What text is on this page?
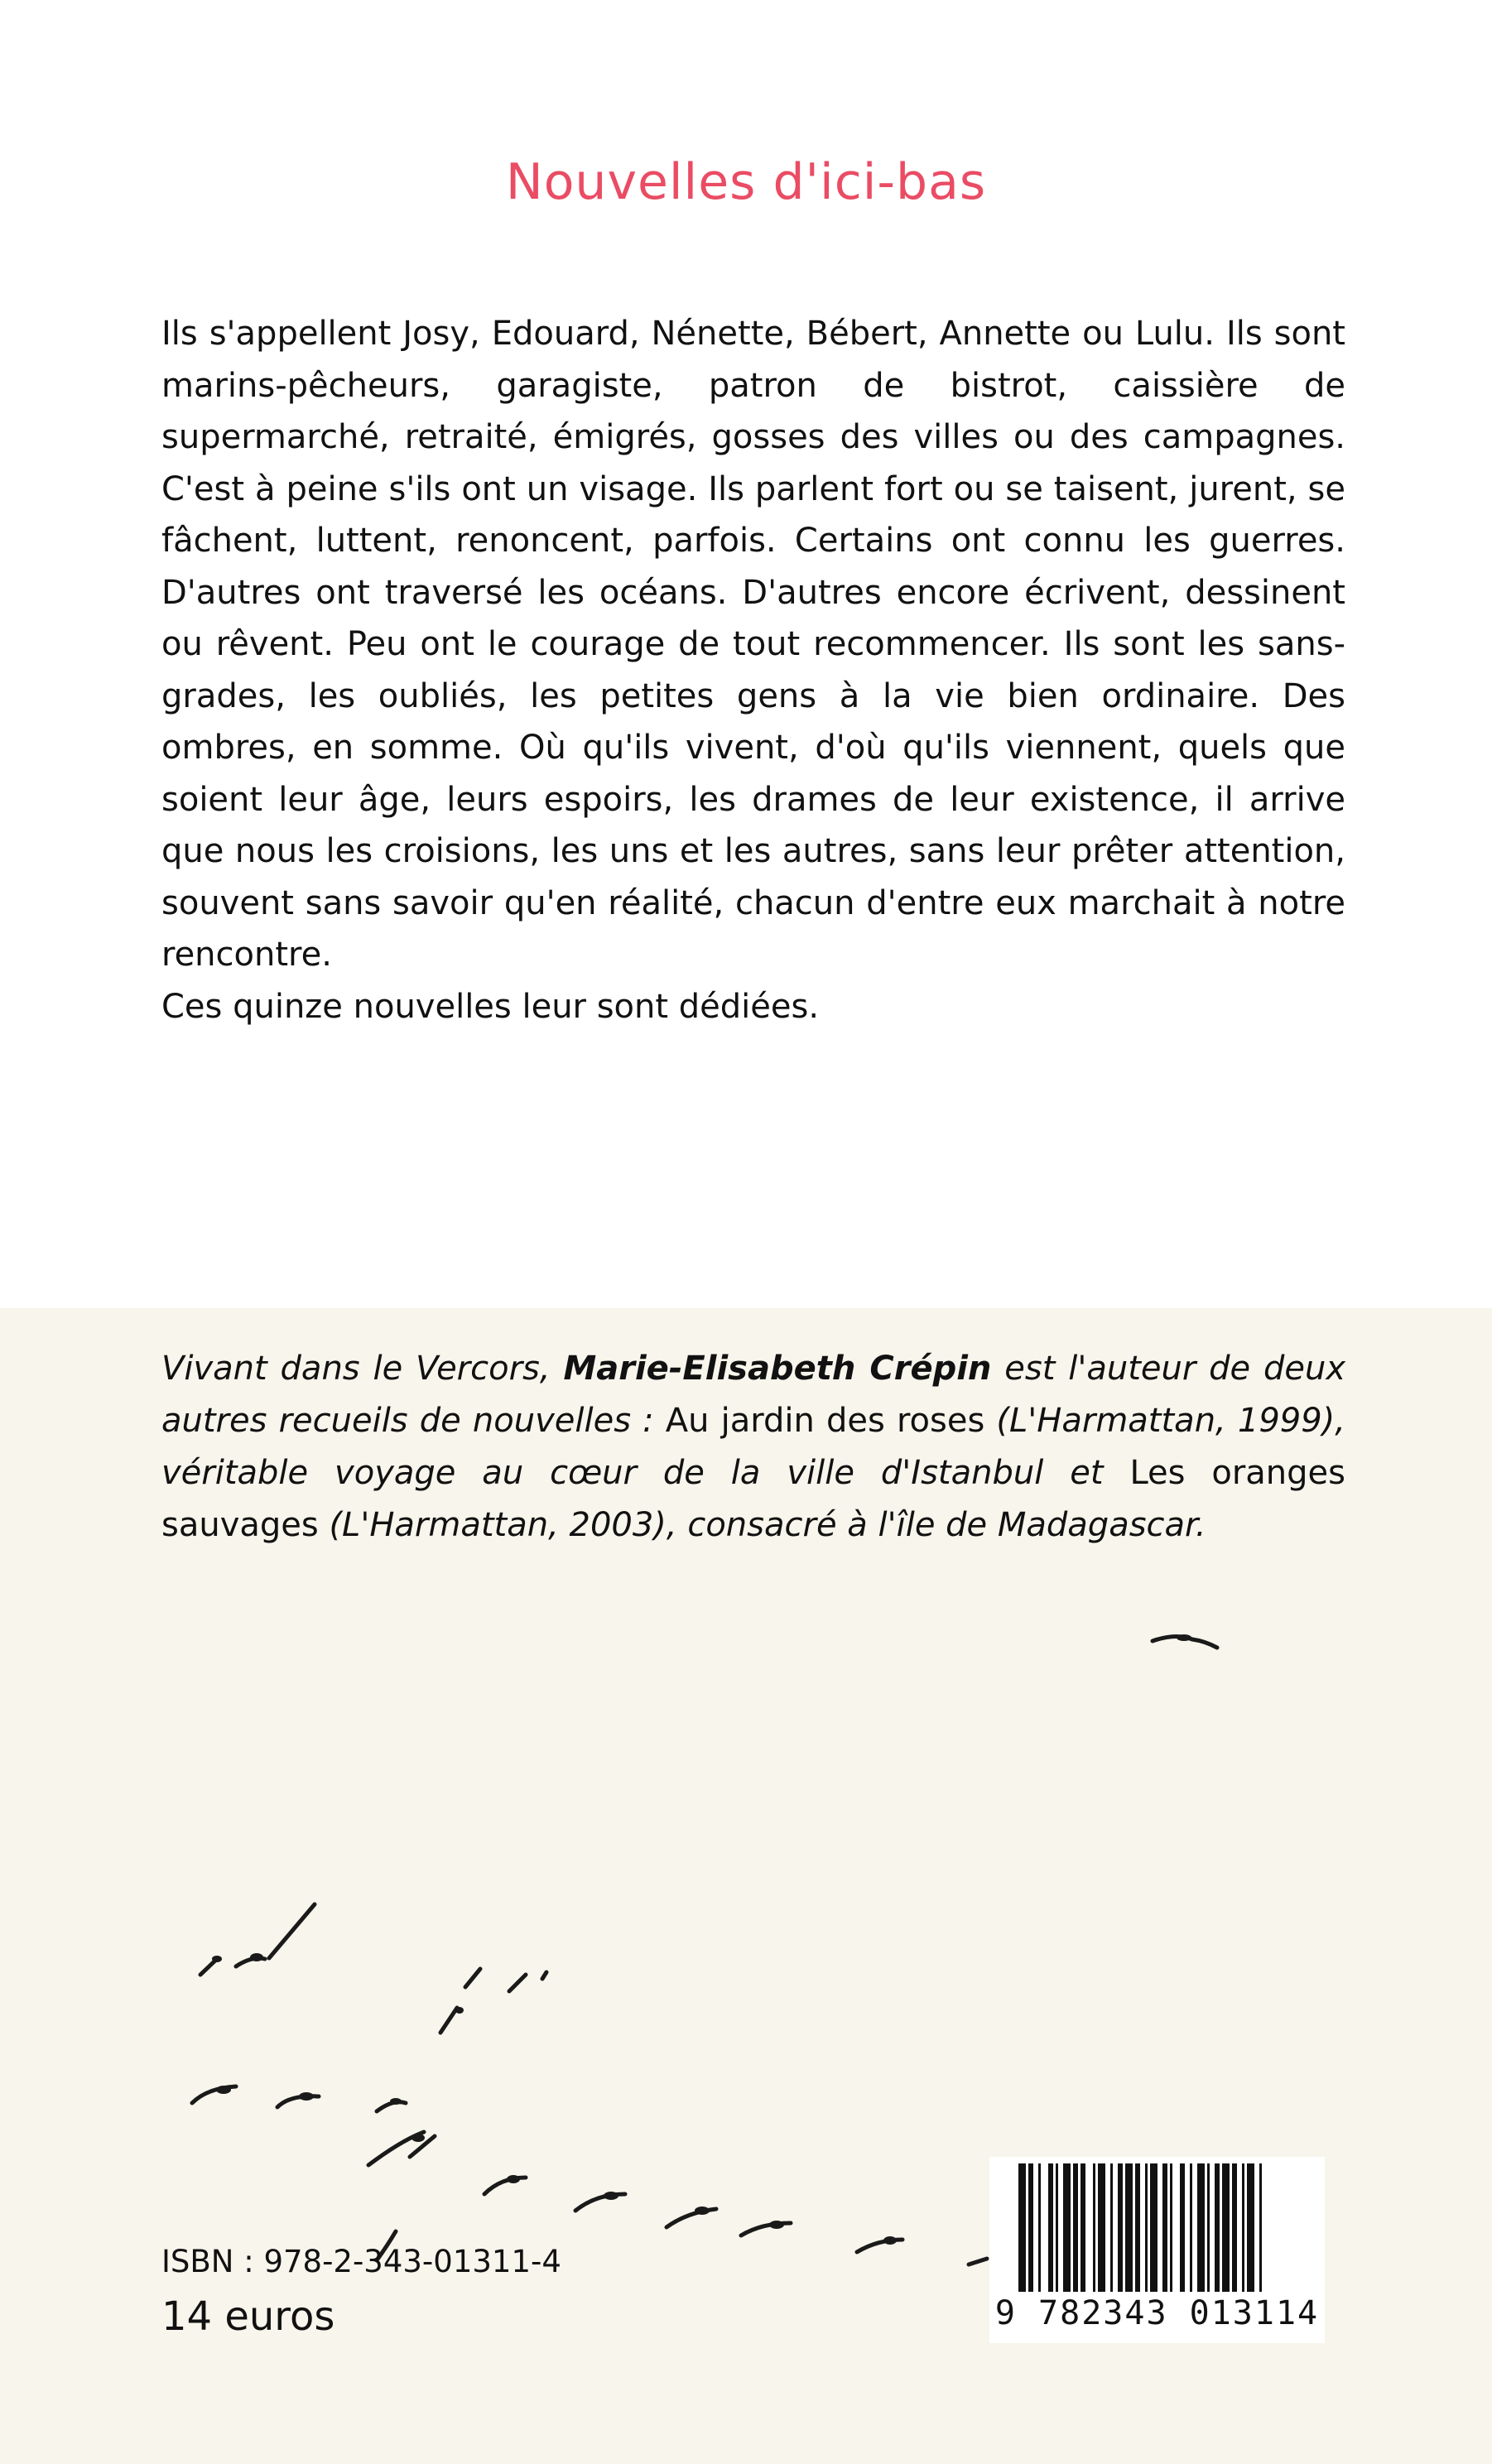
Nouvelles d'ici-bas

Ils s'appellent Josy, Edouard, Nénette, Bébert, Annette ou Lulu. Ils sont marins-pêcheurs, garagiste, patron de bistrot, caissière de supermarché, retraité, émigrés, gosses des villes ou des campagnes. C'est à peine s'ils ont un visage. Ils parlent fort ou se taisent, jurent, se fâchent, luttent, renoncent, parfois. Certains ont connu les guerres. D'autres ont traversé les océans. D'autres encore écrivent, dessinent ou rêvent. Peu ont le courage de tout recommencer. Ils sont les sans-grades, les oubliés, les petites gens à la vie bien ordinaire. Des ombres, en somme. Où qu'ils vivent, d'où qu'ils viennent, quels que soient leur âge, leurs espoirs, les drames de leur existence, il arrive que nous les croisions, les uns et les autres, sans leur prêter attention, souvent sans savoir qu'en réalité, chacun d'entre eux marchait à notre rencontre.

Ces quinze nouvelles leur sont dédiées.

Vivant dans le Vercors, Marie-Elisabeth Crépin est l'auteur de deux autres recueils de nouvelles : Au jardin des roses (L'Harmattan, 1999), véritable voyage au cœur de la ville d'Istanbul et Les oranges sauvages (L'Harmattan, 2003), consacré à l'île de Madagascar.
ISBN : 978-2-343-01311-4
14 euros	9 782343 013114
